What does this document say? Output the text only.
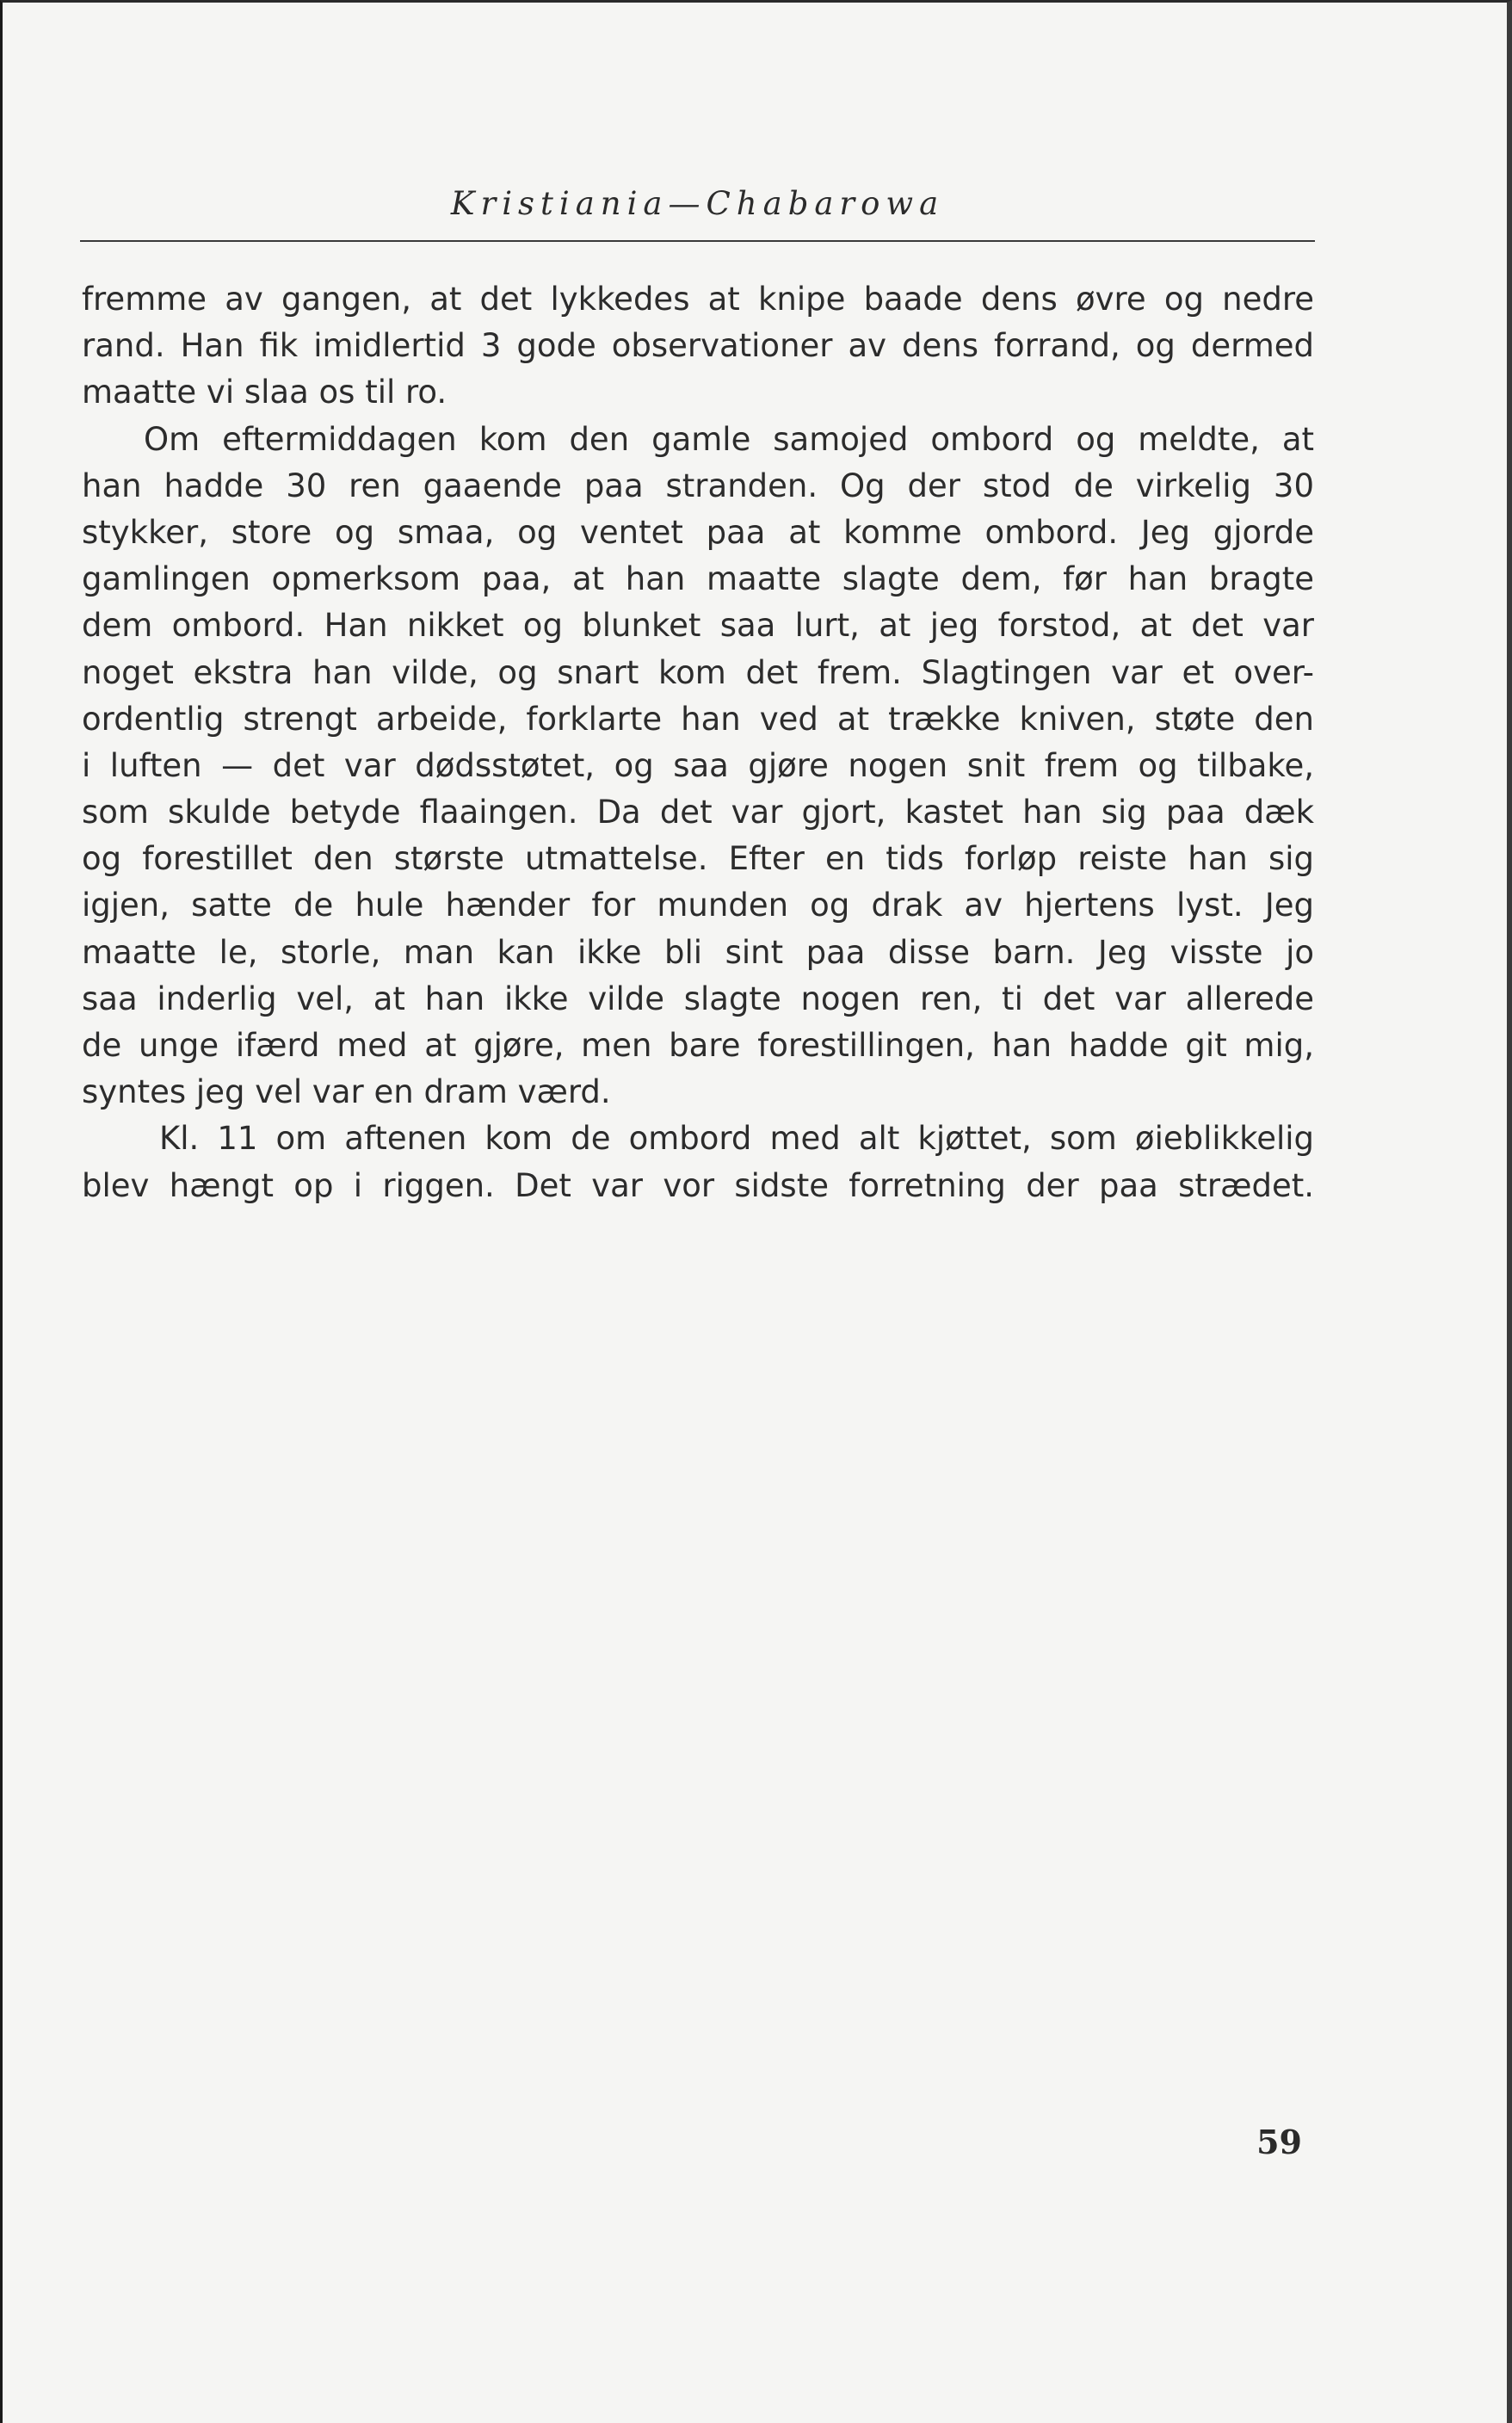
Kristiania—Chabarowa
fremme av gangen, at det lykkedes at knipe baade dens øvre og nedre
rand. Han fik imidlertid 3 gode observationer av dens forrand, og dermed
maatte vi slaa os til ro.
Om eftermiddagen kom den gamle samojed ombord og meldte, at
han hadde 30 ren gaaende paa stranden. Og der stod de virkelig 30
stykker, store og smaa, og ventet paa at komme ombord. Jeg gjorde
gamlingen opmerksom paa, at han maatte slagte dem, før han bragte
dem ombord. Han nikket og blunket saa lurt, at jeg forstod, at det var
noget ekstra han vilde, og snart kom det frem. Slagtingen var et over-
ordentlig strengt arbeide, forklarte han ved at trække kniven, støte den
i luften — det var dødsstøtet, og saa gjøre nogen snit frem og tilbake,
som skulde betyde flaaingen. Da det var gjort, kastet han sig paa dæk
og forestillet den største utmattelse. Efter en tids forløp reiste han sig
igjen, satte de hule hænder for munden og drak av hjertens lyst. Jeg
maatte le, storle, man kan ikke bli sint paa disse barn. Jeg visste jo
saa inderlig vel, at han ikke vilde slagte nogen ren, ti det var allerede
de unge ifærd med at gjøre, men bare forestillingen, han hadde git mig,
syntes jeg vel var en dram værd.
Kl. 11 om aftenen kom de ombord med alt kjøttet, som øieblikkelig
blev hængt op i riggen. Det var vor sidste forretning der paa strædet.
59
